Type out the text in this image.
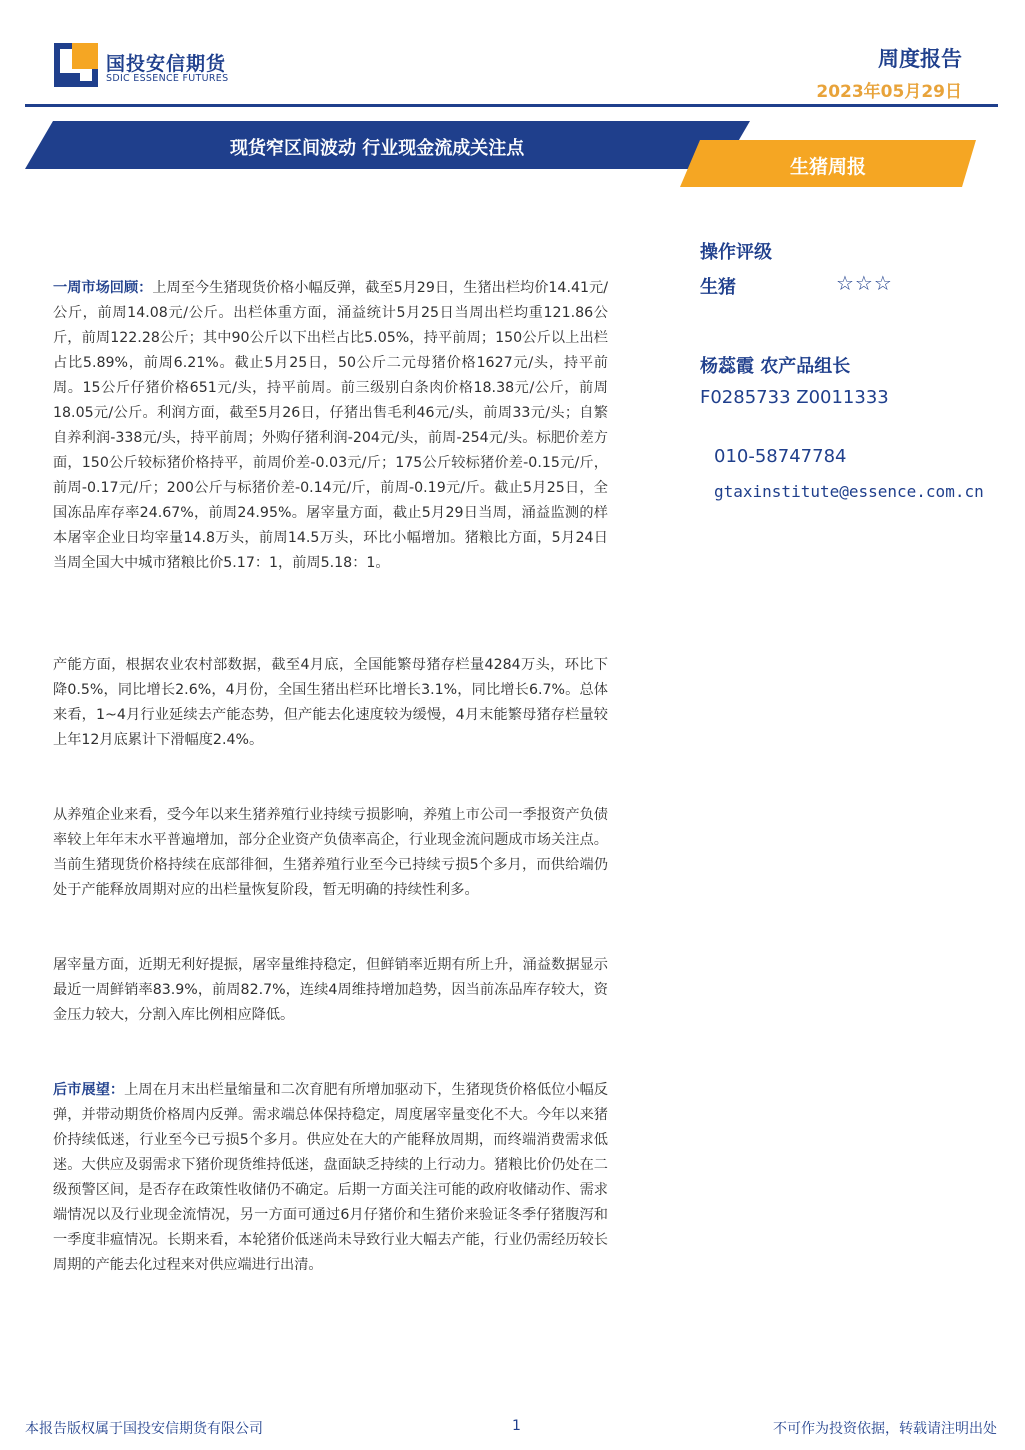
国投安信期货
SDIC ESSENCE FUTURES
周度报告
2023年05月29日
现货窄区间波动 行业现金流成关注点
生猪周报
操作评级
生猪	☆☆☆
杨蕊霞 农产品组长
F0285733 Z0011333
010-58747784
gtaxinstitute@essence.com.cn
一周市场回顾：上周至今生猪现货价格小幅反弹，截至5月29日，生猪出栏均价14.41元/公斤，前周14.08元/公斤。出栏体重方面，涌益统计5月25日当周出栏均重121.86公斤，前周122.28公斤；其中90公斤以下出栏占比5.05%，持平前周；150公斤以上出栏占比5.89%，前周6.21%。截止5月25日，50公斤二元母猪价格1627元/头，持平前周。15公斤仔猪价格651元/头，持平前周。前三级别白条肉价格18.38元/公斤，前周18.05元/公斤。利润方面，截至5月26日，仔猪出售毛利46元/头，前周33元/头；自繁自养利润-338元/头，持平前周；外购仔猪利润-204元/头，前周-254元/头。标肥价差方面，150公斤较标猪价格持平，前周价差-0.03元/斤；175公斤较标猪价差-0.15元/斤，前周-0.17元/斤；200公斤与标猪价差-0.14元/斤，前周-0.19元/斤。截止5月25日，全国冻品库存率24.67%，前周24.95%。屠宰量方面，截止5月29日当周，涌益监测的样本屠宰企业日均宰量14.8万头，前周14.5万头，环比小幅增加。猪粮比方面，5月24日当周全国大中城市猪粮比价5.17：1，前周5.18：1。
产能方面，根据农业农村部数据，截至4月底，全国能繁母猪存栏量4284万头，环比下降0.5%，同比增长2.6%，4月份，全国生猪出栏环比增长3.1%，同比增长6.7%。总体来看，1~4月行业延续去产能态势，但产能去化速度较为缓慢，4月末能繁母猪存栏量较上年12月底累计下滑幅度2.4%。
从养殖企业来看，受今年以来生猪养殖行业持续亏损影响，养殖上市公司一季报资产负债率较上年年末水平普遍增加，部分企业资产负债率高企，行业现金流问题成市场关注点。当前生猪现货价格持续在底部徘徊，生猪养殖行业至今已持续亏损5个多月，而供给端仍处于产能释放周期对应的出栏量恢复阶段，暂无明确的持续性利多。
屠宰量方面，近期无利好提振，屠宰量维持稳定，但鲜销率近期有所上升，涌益数据显示最近一周鲜销率83.9%，前周82.7%，连续4周维持增加趋势，因当前冻品库存较大，资金压力较大，分割入库比例相应降低。
后市展望：上周在月末出栏量缩量和二次育肥有所增加驱动下，生猪现货价格低位小幅反弹，并带动期货价格周内反弹。需求端总体保持稳定，周度屠宰量变化不大。今年以来猪价持续低迷，行业至今已亏损5个多月。供应处在大的产能释放周期，而终端消费需求低迷。大供应及弱需求下猪价现货维持低迷，盘面缺乏持续的上行动力。猪粮比价仍处在二级预警区间，是否存在政策性收储仍不确定。后期一方面关注可能的政府收储动作、需求端情况以及行业现金流情况，另一方面可通过6月仔猪价和生猪价来验证冬季仔猪腹泻和一季度非瘟情况。长期来看，本轮猪价低迷尚未导致行业大幅去产能，行业仍需经历较长周期的产能去化过程来对供应端进行出清。
本报告版权属于国投安信期货有限公司	1	不可作为投资依据，转载请注明出处
